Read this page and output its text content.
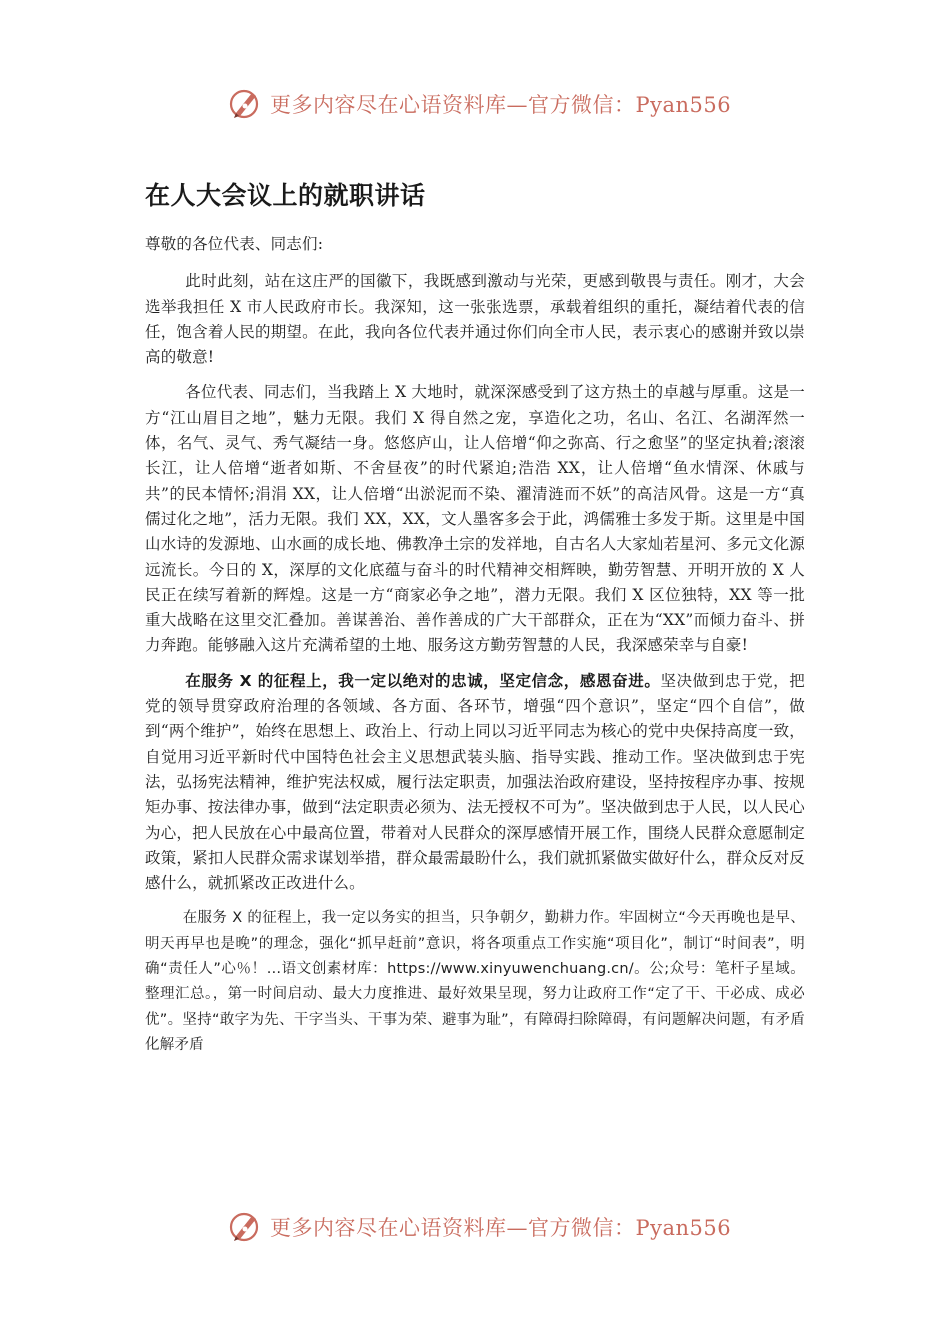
更多内容尽在心语资料库—官方微信：Pyan556
在人大会议上的就职讲话

尊敬的各位代表、同志们:

此时此刻，站在这庄严的国徽下，我既感到激动与光荣，更感到敬畏与责任。刚才，大会选举我担任 X 市人民政府市长。我深知，这一张张选票，承载着组织的重托，凝结着代表的信任，饱含着人民的期望。在此，我向各位代表并通过你们向全市人民，表示衷心的感谢并致以崇高的敬意!

各位代表、同志们，当我踏上 X 大地时，就深深感受到了这方热土的卓越与厚重。这是一方“江山眉目之地”，魅力无限。我们 X 得自然之宠，享造化之功，名山、名江、名湖浑然一体，名气、灵气、秀气凝结一身。悠悠庐山，让人倍增“仰之弥高、行之愈坚”的坚定执着;滚滚长江，让人倍增“逝者如斯、不舍昼夜”的时代紧迫;浩浩 XX，让人倍增“鱼水情深、休戚与共”的民本情怀;涓涓 XX，让人倍增“出淤泥而不染、濯清涟而不妖”的高洁风骨。这是一方“真儒过化之地”，活力无限。我们 XX，XX，文人墨客多会于此，鸿儒雅士多发于斯。这里是中国山水诗的发源地、山水画的成长地、佛教净土宗的发祥地，自古名人大家灿若星河、多元文化源远流长。今日的 X，深厚的文化底蕴与奋斗的时代精神交相辉映，勤劳智慧、开明开放的 X 人民正在续写着新的辉煌。这是一方“商家必争之地”，潜力无限。我们 X 区位独特，XX 等一批重大战略在这里交汇叠加。善谋善治、善作善成的广大干部群众，正在为“XX”而倾力奋斗、拼力奔跑。能够融入这片充满希望的土地、服务这方勤劳智慧的人民，我深感荣幸与自豪!

在服务 X 的征程上，我一定以绝对的忠诚，坚定信念，感恩奋进。坚决做到忠于党，把党的领导贯穿政府治理的各领域、各方面、各环节，增强“四个意识”，坚定“四个自信”，做到“两个维护”，始终在思想上、政治上、行动上同以习近平同志为核心的党中央保持高度一致，自觉用习近平新时代中国特色社会主义思想武装头脑、指导实践、推动工作。坚决做到忠于宪法，弘扬宪法精神，维护宪法权威，履行法定职责，加强法治政府建设，坚持按程序办事、按规矩办事、按法律办事，做到“法定职责必须为、法无授权不可为”。坚决做到忠于人民，以人民心为心，把人民放在心中最高位置，带着对人民群众的深厚感情开展工作，围绕人民群众意愿制定政策，紧扣人民群众需求谋划举措，群众最需最盼什么，我们就抓紧做实做好什么，群众反对反感什么，就抓紧改正改进什么。

在服务 X 的征程上，我一定以务实的担当，只争朝夕，勤耕力作。牢固树立“今天再晚也是早、明天再早也是晚”的理念，强化“抓早赶前”意识，将各项重点工作实施“项目化”，制订“时间表”，明确“责任人”心％！…语文创素材库：https://www.xinyuwenchuang.cn/。公;众号：笔杆子星域。整理汇总。，第一时间启动、最大力度推进、最好效果呈现，努力让政府工作“定了干、干必成、成必优”。坚持“敢字为先、干字当头、干事为荣、避事为耻”，有障碍扫除障碍，有问题解决问题，有矛盾化解矛盾

更多内容尽在心语资料库—官方微信：Pyan556
